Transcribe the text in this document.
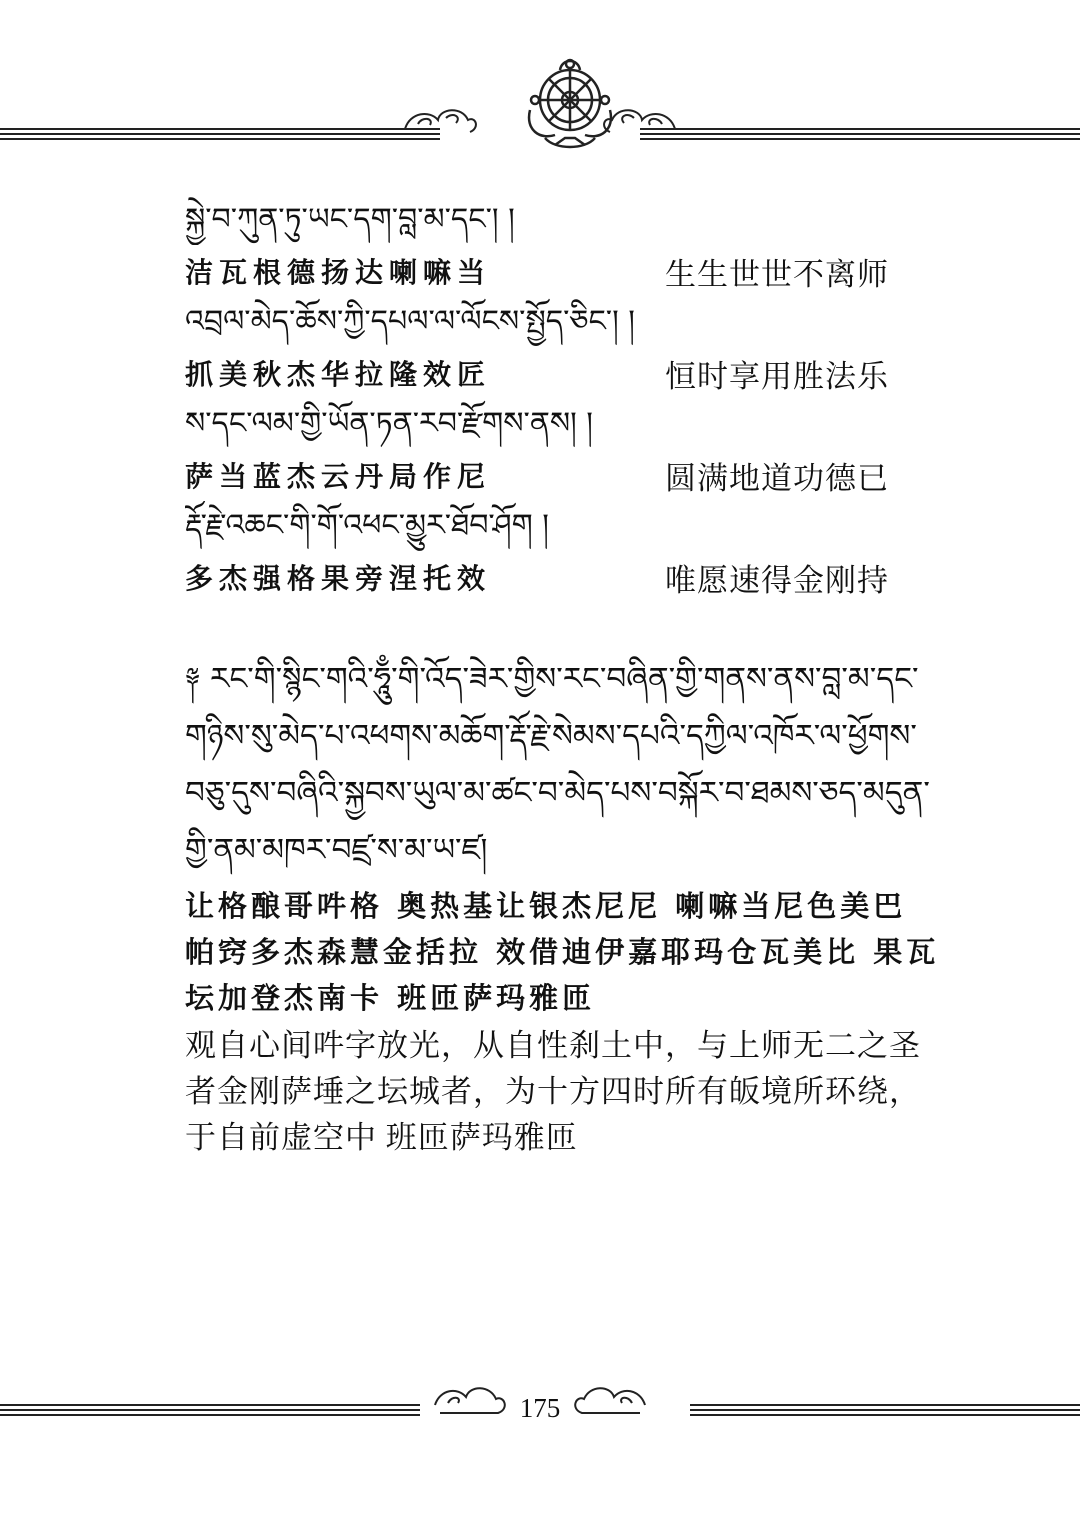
སྐྱེ་བ་ཀུན་ཏུ་ཡང་དག་བླ་མ་དང་། །
洁瓦根德扬达喇嘛当	生生世世不离师
འབྲལ་མེད་ཆོས་ཀྱི་དཔལ་ལ་ལོངས་སྤྱོད་ཅིང་། །
抓美秋杰华拉隆效匠	恒时享用胜法乐
ས་དང་ལམ་གྱི་ཡོན་ཏན་རབ་རྫོགས་ནས། །
萨当蓝杰云丹局作尼	圆满地道功德已
རྡོ་རྗེ་འཆང་གི་གོ་འཕང་མྱུར་ཐོབ་ཤོག །
多杰强格果旁涅托效	唯愿速得金刚持
༈ རང་གི་སྙིང་གའི་ཧཱུྃ་གི་འོད་ཟེར་གྱིས་རང་བཞིན་གྱི་གནས་ནས་བླ་མ་དང་
གཉིས་སུ་མེད་པ་འཕགས་མཆོག་རྡོ་རྗེ་སེམས་དཔའི་དཀྱིལ་འཁོར་ལ་ཕྱོགས་
བཅུ་དུས་བཞིའི་སྐྱབས་ཡུལ་མ་ཚང་བ་མེད་པས་བསྐོར་བ་ཐམས་ཅད་མདུན་
གྱི་ནམ་མཁར་བཛྲ་ས་མ་ཡ་ཛ།
让格酿哥吽格 奥热基让银杰尼尼 喇嘛当尼色美巴 帕窍多杰森慧金括拉 效借迪伊嘉耶玛仓瓦美比 果瓦坛加登杰南卡 班匝萨玛雅匝
观自心间吽字放光，从自性刹土中，与上师无二之圣者金刚萨埵之坛城者，为十方四时所有皈境所环绕，于自前虚空中 班匝萨玛雅匝
175
